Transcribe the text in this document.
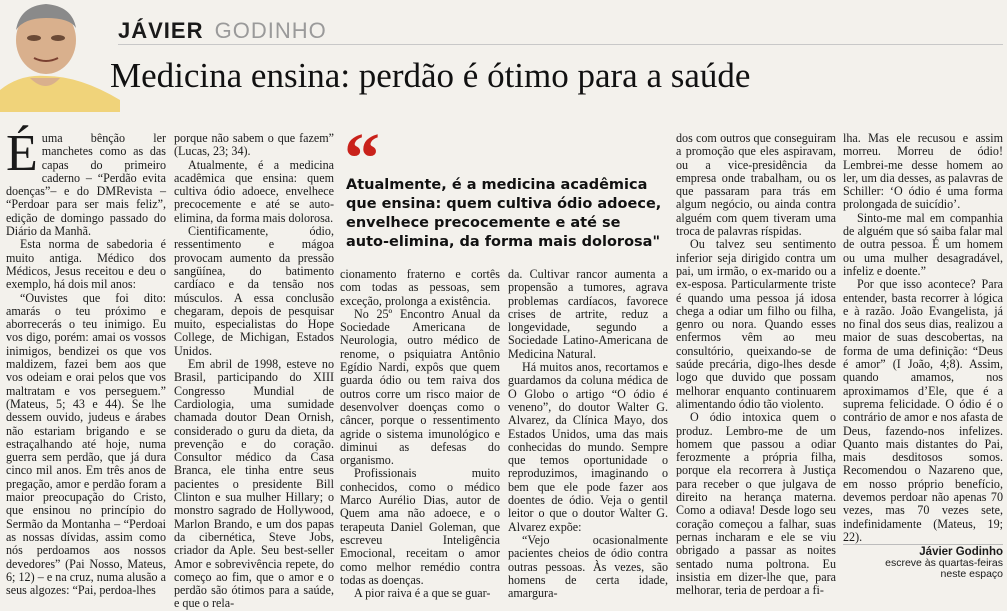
JÁVIER GODINHO
Medicina ensina: perdão é ótimo para a saúde
É uma bênção ler manchetes como as das capas do primeiro caderno – “Perdão evita doenças”– e do DMRevista – “Perdoar para ser mais feliz”, edição de domingo passado do Diário da Manhã.

Esta norma de sabedoria é muito antiga. Médico dos Médicos, Jesus receitou e deu o exemplo, há dois mil anos:

“Ouvistes que foi dito: amarás o teu próximo e aborrecerás o teu inimigo. Eu vos digo, porém: amai os vossos inimigos, bendizei os que vos maldizem, fazei bem aos que vos odeiam e orai pelos que vos maltratam e vos perseguem.” (Mateus, 5; 43 e 44). Se lhe dessem ouvido, judeus e árabes não estariam brigando e se estraçalhando até hoje, numa guerra sem perdão, que já dura cinco mil anos. Em três anos de pregação, amor e perdão foram a maior preocupação do Cristo, que ensinou no princípio do Sermão da Montanha – “Perdoai as nossas dívidas, assim como nós perdoamos aos nossos devedores” (Pai Nosso, Mateus, 6; 12) – e na cruz, numa alusão a seus algozes: “Pai, perdoa-lhes

porque não sabem o que fazem” (Lucas, 23; 34).

Atualmente, é a medicina acadêmica que ensina: quem cultiva ódio adoece, envelhece precocemente e até se auto-elimina, da forma mais dolorosa.

Cientificamente, ódio, ressentimento e mágoa provocam aumento da pressão sangüínea, do batimento cardíaco e da tensão nos músculos. A essa conclusão chegaram, depois de pesquisar muito, especialistas do Hope College, de Michigan, Estados Unidos.

Em abril de 1998, esteve no Brasil, participando do XIII Congresso Mundial de Cardiologia, uma sumidade chamada doutor Dean Ornish, considerado o guru da dieta, da prevenção e do coração. Consultor médico da Casa Branca, ele tinha entre seus pacientes o presidente Bill Clinton e sua mulher Hillary; o monstro sagrado de Hollywood, Marlon Brando, e um dos papas da cibernética, Steve Jobs, criador da Aple. Seu best-seller Amor e sobrevivência repete, do começo ao fim, que o amor e o perdão são ótimos para a saúde, e que o rela-

“
Atualmente, é a medicina acadêmica que ensina: quem cultiva ódio adoece, envelhece precocemente e até se auto-elimina, da forma mais dolorosa"

cionamento fraterno e cortês com todas as pessoas, sem exceção, prolonga a existência.

No 25º Encontro Anual da Sociedade Americana de Neurologia, outro médico de renome, o psiquiatra Antônio Egídio Nardi, expôs que quem guarda ódio ou tem raiva dos outros corre um risco maior de desenvolver doenças como o câncer, porque o ressentimento agride o sistema imunológico e diminui as defesas do organismo.

Profissionais muito conhecidos, como o médico Marco Aurélio Dias, autor de Quem ama não adoece, e o terapeuta Daniel Goleman, que escreveu Inteligência Emocional, receitam o amor como melhor remédio contra todas as doenças.

A pior raiva é a que se guar-

da. Cultivar rancor aumenta a propensão a tumores, agrava problemas cardíacos, favorece crises de artrite, reduz a longevidade, segundo a Sociedade Latino-Americana de Medicina Natural.

Há muitos anos, recortamos e guardamos da coluna médica de O Globo o artigo “O ódio é veneno”, do doutor Walter G. Alvarez, da Clínica Mayo, dos Estados Unidos, uma das mais conhecidas do mundo. Sempre que temos oportunidade o reproduzimos, imaginando o bem que ele pode fazer aos doentes de ódio. Veja o gentil leitor o que o doutor Walter G. Alvarez expõe:

“Vejo ocasionalmente pacientes cheios de ódio contra outras pessoas. Às vezes, são homens de certa idade, amargura-

dos com outros que conseguiram a promoção que eles aspiravam, ou a vice-presidência da empresa onde trabalham, ou os que passaram para trás em algum negócio, ou ainda contra alguém com quem tiveram uma troca de palavras ríspidas.

Ou talvez seu sentimento inferior seja dirigido contra um pai, um irmão, o ex-marido ou a ex-esposa. Particularmente triste é quando uma pessoa já idosa chega a odiar um filho ou filha, genro ou nora. Quando esses enfermos vêm ao meu consultório, queixando-se de saúde precária, digo-lhes desde logo que duvido que possam melhorar enquanto continuarem alimentando ódio tão violento.

O ódio intoxica quem o produz. Lembro-me de um homem que passou a odiar ferozmente a própria filha, porque ela recorrera à Justiça para receber o que julgava de direito na herança materna. Como a odiava! Desde logo seu coração começou a falhar, suas pernas incharam e ele se viu obrigado a passar as noites sentado numa poltrona. Eu insistia em dizer-lhe que, para melhorar, teria de perdoar a fi-

lha. Mas ele recusou e assim morreu. Morreu de ódio! Lembrei-me desse homem ao ler, um dia desses, as palavras de Schiller: ‘O ódio é uma forma prolongada de suicídio’.

Sinto-me mal em companhia de alguém que só saiba falar mal de outra pessoa. É um homem ou uma mulher desagradável, infeliz e doente.”

Por que isso acontece? Para entender, basta recorrer à lógica e à razão. João Evangelista, já no final dos seus dias, realizou a maior de suas descobertas, na forma de uma definição: “Deus é amor” (I João, 4;8). Assim, quando amamos, nos aproximamos d’Ele, que é a suprema felicidade. O ódio é o contrário de amor e nos afasta de Deus, fazendo-nos infelizes. Quanto mais distantes do Pai, mais desditosos somos. Recomendou o Nazareno que, em nosso próprio benefício, devemos perdoar não apenas 70 vezes, mas 70 vezes sete, indefinidamente (Mateus, 19; 22).

Jávier Godinho
escreve às quartas-feiras
neste espaço
